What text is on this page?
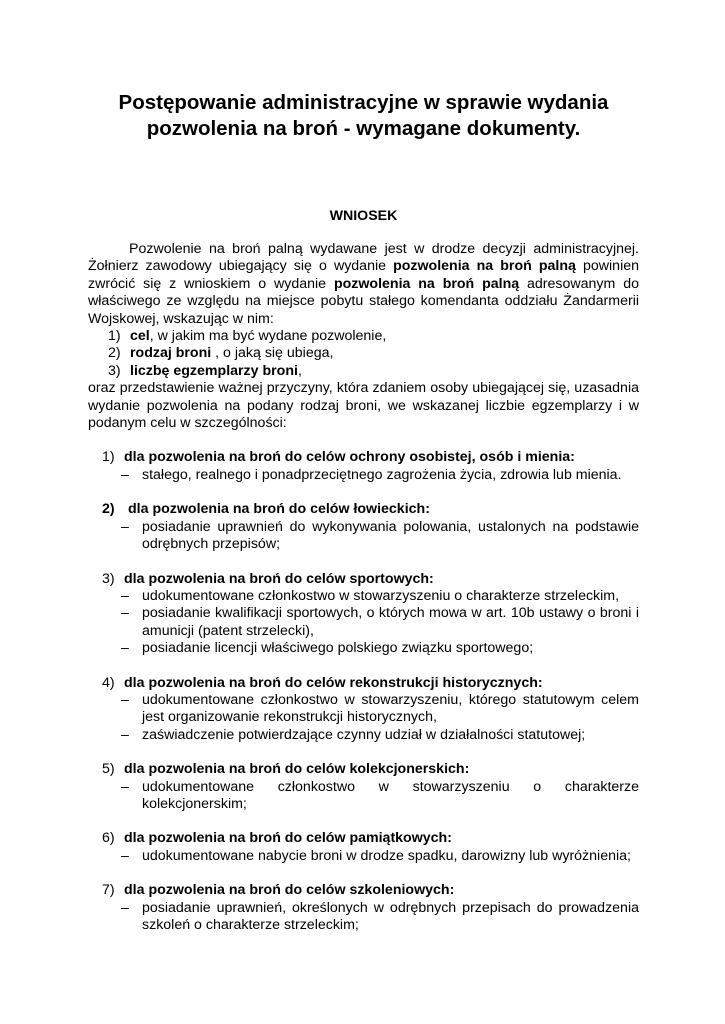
Postępowanie administracyjne w sprawie wydania
pozwolenia na broń - wymagane dokumenty.
WNIOSEK

Pozwolenie na broń palną wydawane jest w drodze decyzji administracyjnej. Żołnierz zawodowy ubiegający się o wydanie pozwolenia na broń palną powinien zwrócić się z wnioskiem o wydanie pozwolenia na broń palną adresowanym do właściwego ze względu na miejsce pobytu stałego komendanta oddziału Żandarmerii Wojskowej, wskazując w nim:

1) cel, w jakim ma być wydane pozwolenie,
2) rodzaj broni , o jaką się ubiega,
3) liczbę egzemplarzy broni,

oraz przedstawienie ważnej przyczyny, która zdaniem osoby ubiegającej się, uzasadnia wydanie pozwolenia na podany rodzaj broni, we wskazanej liczbie egzemplarzy i w podanym celu w szczególności:

1) dla pozwolenia na broń do celów ochrony osobistej, osób i mienia:
– stałego, realnego i ponadprzeciętnego zagrożenia życia, zdrowia lub mienia.
2) dla pozwolenia na broń do celów łowieckich:
– posiadanie uprawnień do wykonywania polowania, ustalonych na podstawie odrębnych przepisów;
3) dla pozwolenia na broń do celów sportowych:
– udokumentowane członkostwo w stowarzyszeniu o charakterze strzeleckim,
– posiadanie kwalifikacji sportowych, o których mowa w art. 10b ustawy o broni i amunicji (patent strzelecki),
– posiadanie licencji właściwego polskiego związku sportowego;
4) dla pozwolenia na broń do celów rekonstrukcji historycznych:
– udokumentowane członkostwo w stowarzyszeniu, którego statutowym celem jest organizowanie rekonstrukcji historycznych,
– zaświadczenie potwierdzające czynny udział w działalności statutowej;
5) dla pozwolenia na broń do celów kolekcjonerskich:
– udokumentowane członkostwo w stowarzyszeniu o charakterze kolekcjonerskim;
6) dla pozwolenia na broń do celów pamiątkowych:
– udokumentowane nabycie broni w drodze spadku, darowizny lub wyróżnienia;
7) dla pozwolenia na broń do celów szkoleniowych:
– posiadanie uprawnień, określonych w odrębnych przepisach do prowadzenia szkoleń o charakterze strzeleckim;
